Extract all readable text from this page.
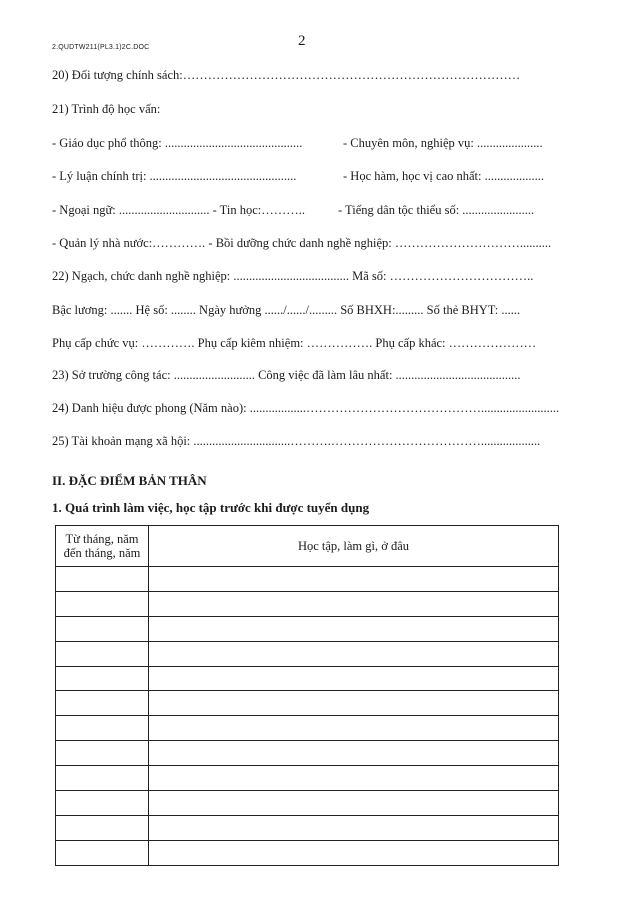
2.QUDTW211(PL3.1)2C.DOC	2
20) Đối tượng chính sách:………………………………………………………………………
21) Trình độ học vấn:
- Giáo dục phổ thông: ............................................	- Chuyên môn, nghiệp vụ: .....................
- Lý luận chính trị: ...............................................	- Học hàm, học vị cao nhất: ...................
- Ngoại ngữ: ............................. - Tin học:………..	- Tiếng dân tộc thiểu số: .......................
- Quản lý nhà nước:…………. - Bồi dưỡng chức danh nghề nghiệp: …………………………..........
22) Ngạch, chức danh nghề nghiệp: ..................................... Mã số: ……………………………..
Bậc lương: ....... Hệ số: ........ Ngày hưởng ....../....../......... Số BHXH:......... Số thẻ BHYT: ......
Phụ cấp chức vụ: …………. Phụ cấp kiêm nhiệm: ……………. Phụ cấp khác: …………………
23) Sở trường công tác: .......................... Công việc đã làm lâu nhất: ........................................
24) Danh hiệu được phong (Năm nào): ..................…………………………………….........................
25) Tài khoản mạng xã hội: ...............................……….………………………………...................
II. ĐẶC ĐIỂM BẢN THÂN
1. Quá trình làm việc, học tập trước khi được tuyển dụng
Từ tháng, năm
đến tháng, năm	Học tập, làm gì, ở đâu
